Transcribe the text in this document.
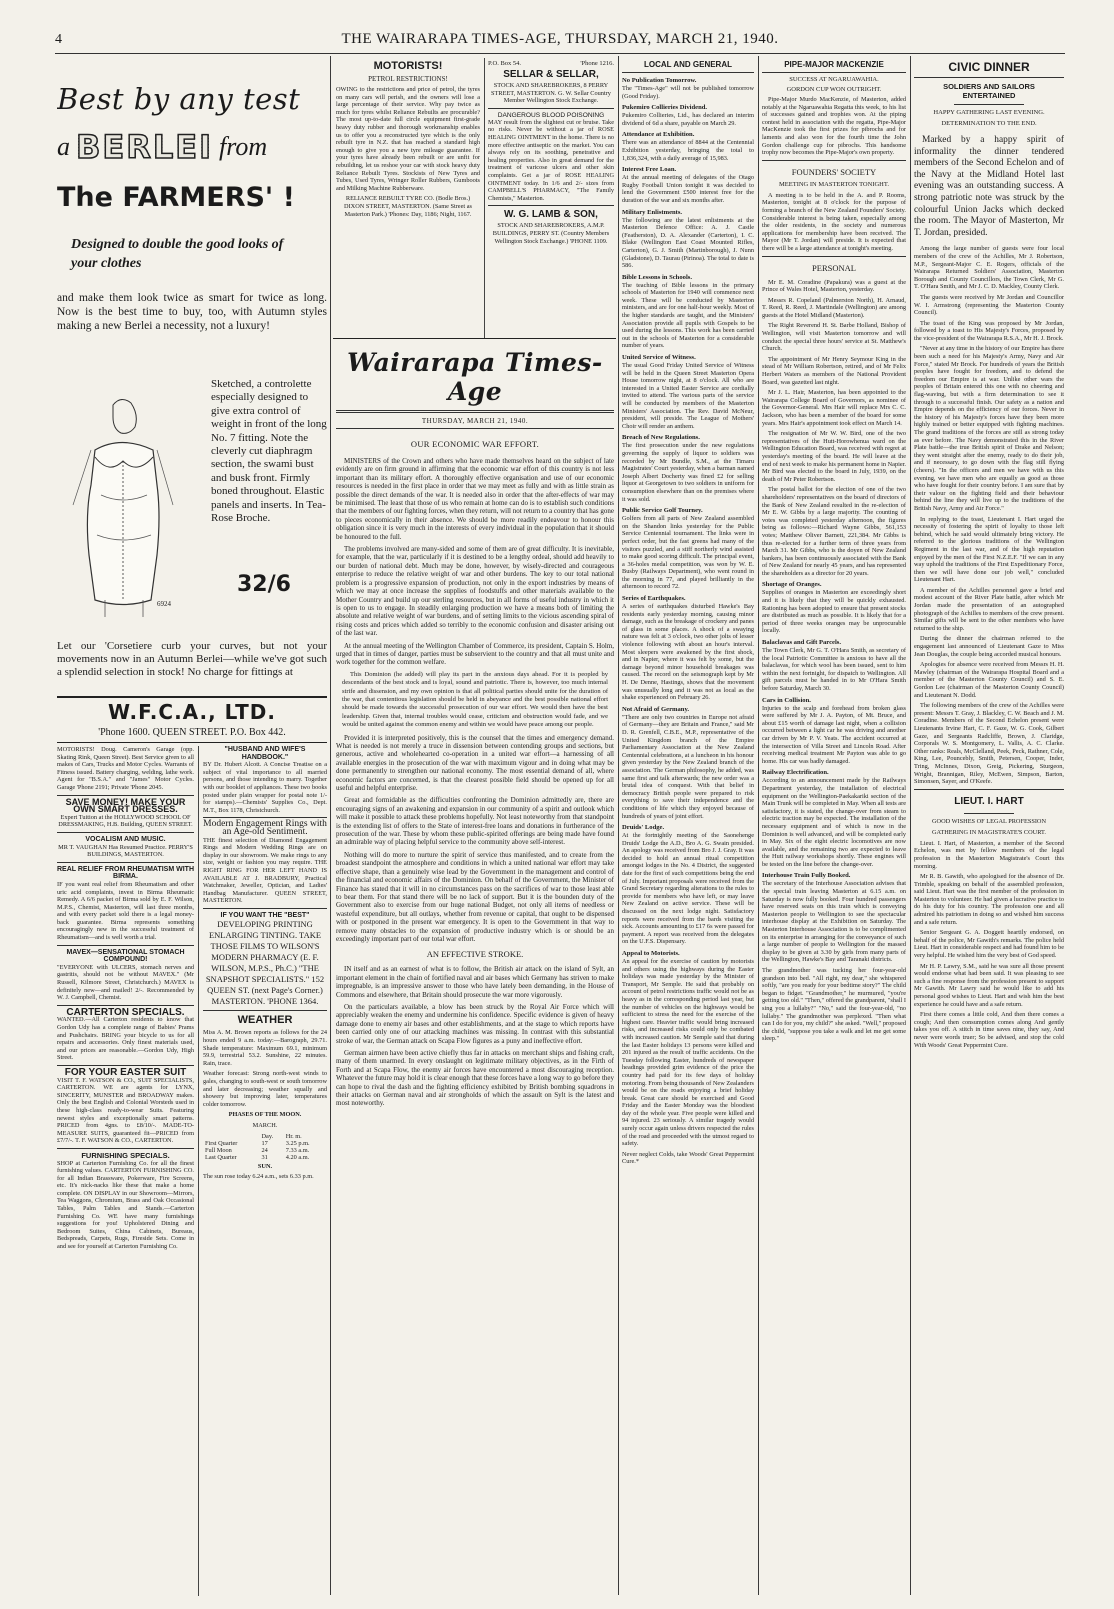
4	THE WAIRARAPA TIMES-AGE, THURSDAY, MARCH 21, 1940.
Best by any test
a BERLEI from
The FARMERS' !
Designed to double the good looks of your clothes
and make them look twice as smart for twice as long. Now is the best time to buy, too, with Autumn styles making a new Berlei a necessity, not a luxury!
6924
Sketched, a controlette especially designed to give extra control of weight in front of the long No. 7 fitting. Note the cleverly cut diaphragm section, the swami bust and busk front. Firmly boned throughout. Elastic panels and inserts. In Tea-Rose Broche.
32/6
Let our 'Corsetiere curb your curves, but not your movements now in an Autumn Berlei—while we've got such a splendid selection in stock! No charge for fittings at
W.F.C.A., LTD.
'Phone 1600. QUEEN STREET. P.O. Box 442.
MOTORISTS! Doug. Cameron's Garage (opp. Skating Rink, Queen Street). Best Service given to all makes of Cars, Trucks and Motor Cycles. Warrants of Fitness issued. Battery charging, welding, lathe work. Agent for "B.S.A." and "James" Motor Cycles. Garage 'Phone 2191; Private 'Phone 2045.
SAVE MONEY! MAKE YOUR OWN SMART DRESSES.
Expert Tuition at the HOLLYWOOD SCHOOL OF DRESSMAKING, H.B. Building, QUEEN STREET.
VOCALISM AND MUSIC.
MR T. VAUGHAN Has Resumed Practice. PERRY'S BUILDINGS, MASTERTON.
REAL RELIEF FROM RHEUMATISM WITH BIRMA.
IF you want real relief from Rheumatism and other uric acid complaints, invest in Birma Rheumatic Remedy. A 6/6 packet of Birma sold by E. F. Wilson, M.P.S., Chemist, Masterton, will last three months, and with every packet sold there is a legal money-back guarantee. Birma represents something encouragingly new in the successful treatment of Rheumatism—and is well worth a trial.
MAVEX—SENSATIONAL STOMACH COMPOUND!
"EVERYONE with ULCERS, stomach nerves and gastritis, should not be without MAVEX." (Mr Russell, Kilmore Street, Christchurch.) MAVEX is definitely new—and mailed! 2/-. Recommended by W. J. Campbell, Chemist.
CARTERTON SPECIALS.
WANTED.—All Carterton residents to know that Gordon Udy has a complete range of Babies' Prams and Pushchairs. BRING your bicycle to us for all repairs and accessories. Only finest materials used, and our prices are reasonable.—Gordon Udy, High Street.
FOR YOUR EASTER SUIT
VISIT T. F. WATSON & CO., SUIT SPECIALISTS, CARTERTON. WE are agents for LYNX, SINCERITY, MUNSTER and BROADWAY makes. Only the best English and Colonial Worsteds used in these high-class ready-to-wear Suits. Featuring newest styles and exceptionally smart patterns. PRICED from 4gns. to £8/10/-. MADE-TO-MEASURE SUITS, guaranteed fit—PRICED from £7/7/-. T. F. WATSON & CO., CARTERTON.
FURNISHING SPECIALS.
SHOP at Carterton Furnishing Co. for all the finest furnishing values. CARTERTON FURNISHING CO. for all Indian Brassware, Pokerware, Fire Screens, etc. It's nick-nacks like these that make a home complete. ON DISPLAY in our Showroom—Mirrors, Tea Waggons, Chromium, Brass and Oak Occasional Tables, Palm Tables and Stands.—Carterton Furnishing Co. WE have many furnishings suggestions for you! Upholstered Dining and Bedroom Suites, China Cabinets, Bureaus, Bedspreads, Carpets, Rugs, Fireside Sets. Come in and see for yourself at Carterton Furnishing Co.
"HUSBAND AND WIFE'S HANDBOOK."
BY Dr. Hubert Alcott. A Concise Treatise on a subject of vital importance to all married persons, and those intending to marry. Together with our booklet of appliances. These two books posted under plain wrapper for postal note 1/- for stamps).—Chemists' Supplies Co., Dept. M.T., Box 1178, Christchurch.
Modern Engagement Rings with an Age-old Sentiment.
THE finest selection of Diamond Engagement Rings and Modern Wedding Rings are on display in our showroom. We make rings to any size, weight or fashion you may require. THE RIGHT RING FOR HER LEFT HAND IS AVAILABLE AT J. BRADBURY, Practical Watchmaker, Jeweller, Optician, and Ladies' Handbag Manufacturer. QUEEN STREET, MASTERTON.
IF YOU WANT THE "BEST"
DEVELOPING PRINTING ENLARGING TINTING. TAKE THOSE FILMS TO WILSON'S MODERN PHARMACY (E. F. WILSON, M.P.S., Ph.C.) "THE SNAPSHOT SPECIALISTS." 152 QUEEN ST. (next Page's Corner.) MASTERTON. 'PHONE 1364.
WEATHER
Miss A. M. Brown reports as follows for the 24 hours ended 9 a.m. today:—Barograph, 29.71. Shade temperature: Maximum 69.1, minimum 59.9, terrestrial 53.2. Sunshine, 22 minutes. Rain, trace.
Weather forecast: Strong north-west winds to gales, changing to south-west or south tomorrow and later decreasing; weather squally and showery but improving later, temperatures colder tomorrow.
PHASES OF THE MOON.
MARCH.
	Day.	Hr. m.
First Quarter	17	3.25 p.m.
Full Moon	24	7.33 a.m.
Last Quarter	31	4.20 a.m.
SUN.
The sun rose today 6.24 a.m., sets 6.33 p.m.
MOTORISTS!
PETROL RESTRICTIONS!
OWING to the restrictions and price of petrol, the tyres on many cars will perish, and the owners will lose a large percentage of their service. Why pay twice as much for tyres whilst Reliance Rebuilts are procurable? The most up-to-date full circle equipment first-grade heavy duty rubber and thorough workmanship enables us to offer you a reconstructed tyre which is the only rebuilt tyre in N.Z. that has reached a standard high enough to give you a new tyre mileage guarantee. If your tyres have already been rebuilt or are unfit for rebuilding, let us reshoe your car with stock heavy duty Reliance Rebuilt Tyres. Stockists of New Tyres and Tubes, Used Tyres, Wringer Roller Rubbers, Gumboots and Milking Machine Rubberware.
RELIANCE REBUILT TYRE CO. (Bodle Bros.) DIXON STREET, MASTERTON. (Same Street as Masterton Park.) 'Phones: Day, 1186; Night, 1167.
P.O. Box 54.	'Phone 1216.
SELLAR & SELLAR,
STOCK AND SHAREBROKERS, 8 PERRY STREET, MASTERTON. G. W. Sellar Country Member Wellington Stock Exchange.
DANGEROUS BLOOD POISONING
MAY result from the slightest cut or bruise. Take no risks. Never be without a jar of ROSE HEALING OINTMENT in the home. There is no more effective antiseptic on the market. You can always rely on its soothing, penetrative and healing properties. Also in great demand for the treatment of varicose ulcers and other skin complaints. Get a jar of ROSE HEALING OINTMENT today. In 1/6 and 2/- sizes from CAMPBELL'S PHARMACY, "The Family Chemists," Masterton.
W. G. LAMB & SON,
STOCK AND SHAREBROKERS, A.M.P. BUILDINGS, PERRY ST. (Country Members Wellington Stock Exchange.) 'PHONE 1109.
Wairarapa Times-Age
THURSDAY, MARCH 21, 1940.
OUR ECONOMIC WAR EFFORT.

MINISTERS of the Crown and others who have made themselves heard on the subject of late evidently are on firm ground in affirming that the economic war effort of this country is not less important than its military effort. A thoroughly effective organisation and use of our economic resources is needed in the first place in order that we may meet as fully and with as little strain as possible the direct demands of the war. It is needed also in order that the after-effects of war may be minimised. The least that those of us who remain at home can do is to establish such conditions that the members of our fighting forces, when they return, will not return to a country that has gone to pieces economically in their absence. We should be more readily endeavour to honour this obligation since it is very much in the interests of every individual in the population that it should be honoured to the full.

The problems involved are many-sided and some of them are of great difficulty. It is inevitable, for example, that the war, particularly if it is destined to be a lengthy ordeal, should add heavily to our burden of national debt. Much may be done, however, by wisely-directed and courageous enterprise to reduce the relative weight of war and other burdens. The key to our total national problem is a progressive expansion of production, not only in the export industries by means of which we may at once increase the supplies of foodstuffs and other materials available to the Mother Country and build up our sterling resources, but in all forms of useful industry in which it is open to us to engage. In steadily enlarging production we have a means both of limiting the absolute and relative weight of war burdens, and of setting limits to the vicious ascending spiral of rising costs and prices which added so terribly to the economic confusion and disaster arising out of the last war.

At the annual meeting of the Wellington Chamber of Commerce, its president, Captain S. Holm, urged that in times of danger, parties must be subservient to the country and that all must unite and work together for the common welfare.

This Dominion (he added) will play its part in the anxious days ahead. For it is peopled by descendants of the best stock and is loyal, sound and patriotic. There is, however, too much internal strife and dissension, and my own opinion is that all political parties should unite for the duration of the war, that contentious legislation should be held in abeyance and the best possible national effort should be made towards the successful prosecution of our war effort. We would then have the best leadership. Given that, internal troubles would cease, criticism and obstruction would fade, and we would be united against the common enemy and within we would have peace among our people.

Provided it is interpreted positively, this is the counsel that the times and emergency demand. What is needed is not merely a truce in dissension between contending groups and sections, but generous, active and wholehearted co-operation in a united war effort—a harnessing of all available energies in the prosecution of the war with maximum vigour and in doing what may be done permanently to strengthen our national economy. The most essential demand of all, where economic factors are concerned, is that the clearest possible field should be opened up for all useful and helpful enterprise.

Great and formidable as the difficulties confronting the Dominion admittedly are, there are encouraging signs of an awakening and expansion in our community of a spirit and outlook which will make it possible to attack these problems hopefully. Not least noteworthy from that standpoint is the extending list of offers to the State of interest-free loans and donations in furtherance of the prosecution of the war. These by whom these public-spirited offerings are being made have found an admirable way of placing helpful service to the community above self-interest.

Nothing will do more to nurture the spirit of service thus manifested, and to create from the broadest standpoint the atmosphere and conditions in which a united national war effort may take effective shape, than a genuinely wise lead by the Government in the management and control of the financial and economic affairs of the Dominion. On behalf of the Government, the Minister of Finance has stated that it will in no circumstances pass on the sacrifices of war to those least able to bear them. For that stand there will be no lack of support. But it is the bounden duty of the Government also to exercise from our huge national Budget, not only all items of needless or wasteful expenditure, but all outlays, whether from revenue or capital, that ought to be dispensed with or postponed in the present war emergency. It is open to the Government in that way to remove many obstacles to the expansion of productive industry which is or should be an exceedingly important part of our total war effort.

AN EFFECTIVE STROKE.

IN itself and as an earnest of what is to follow, the British air attack on the island of Sylt, an important element in the chain of fortified naval and air bases which Germany has striven to make impregnable, is an impressive answer to those who have lately been demanding, in the House of Commons and elsewhere, that Britain should prosecute the war more vigorously.

On the particulars available, a blow has been struck by the Royal Air Force which will appreciably weaken the enemy and undermine his confidence. Specific evidence is given of heavy damage done to enemy air bases and other establishments, and at the stage to which reports have been carried only one of our attacking machines was missing. In contrast with this substantial stroke of war, the German attack on Scapa Flow figures as a puny and ineffective effort.

German airmen have been active chiefly thus far in attacks on merchant ships and fishing craft, many of them unarmed. In every onslaught on legitimate military objectives, as in the Firth of Forth and at Scapa Flow, the enemy air forces have encountered a most discouraging reception. Whatever the future may hold it is clear enough that these forces have a long way to go before they can hope to rival the dash and the fighting efficiency exhibited by British bombing squadrons in their attacks on German naval and air strongholds of which the assault on Sylt is the latest and most noteworthy.

LOCAL AND GENERAL
No Publication Tomorrow.
The "Times-Age" will not be published tomorrow (Good Friday).
Pukemiro Collieries Dividend.
Pukemiro Collieries, Ltd., has declared an interim dividend of 6d a share, payable on March 29.
Attendance at Exhibition.
There was an attendance of 8844 at the Centennial Exhibition yesterday, bringing the total to 1,836,324, with a daily average of 15,983.
Interest Free Loan.
At the annual meeting of delegates of the Otago Rugby Football Union tonight it was decided to lend the Government £500 interest free for the duration of the war and six months after.
Military Enlistments.
The following are the latest enlistments at the Masterton Defence Office: A. J. Castle (Featherston), D. A. Alexander (Carterton), I. C. Blake (Wellington East Coast Mounted Rifles, Carterton), G. J. Smith (Martinborough), J. Nunn (Gladstone), D. Taurau (Pirinoa). The total to date is 586.
Bible Lessons in Schools.
The teaching of Bible lessons in the primary schools of Masterton for 1940 will commence next week. These will be conducted by Masterton ministers, and are for one half-hour weekly. Most of the higher standards are taught, and the Ministers' Association provide all pupils with Gospels to be used during the lessons. This work has been carried out in the schools of Masterton for a considerable number of years.
United Service of Witness.
The usual Good Friday United Service of Witness will be held in the Queen Street Masterton Opera House tomorrow night, at 8 o'clock. All who are interested in a United Easter Service are cordially invited to attend. The various parts of the service will be conducted by members of the Masterton Ministers' Association. The Rev. David McNeur, president, will preside. The League of Mothers' Choir will render an anthem.
Breach of New Regulations.
The first prosecution under the new regulations governing the supply of liquor to soldiers was recorded by Mr Bundle, S.M., at the Timaru Magistrates' Court yesterday, when a barman named Joseph Albert Docherty was fined £2 for selling liquor at Georgetown to two soldiers in uniform for consumption elsewhere than on the premises where it was sold.
Public Service Golf Tourney.
Golfers from all parts of New Zealand assembled on the Shandon links yesterday for the Public Service Centennial tournament. The links were in perfect order, but the fast greens had many of the visitors puzzled, and a stiff northerly wind assisted to make good scoring difficult. The principal event, a 36-holes medal competition, was won by W. E. Busby (Railways Department), who went round in the morning in 77, and played brilliantly in the afternoon to record 72.
Series of Earthquakes.
A series of earthquakes disturbed Hawke's Bay residents early yesterday morning, causing minor damage, such as the breakage of crockery and panes of glass in some places. A shock of a swaying nature was felt at 3 o'clock, two other jolts of lesser violence following with about an hour's interval. Most sleepers were awakened by the first shock, and in Napier, where it was felt by some, but the damage beyond minor household breakages was caused. The record on the seismograph kept by Mr H. De Denne, Hastings, shows that the movement was unusually long and it was not as local as the shake experienced on February 26.
Not Afraid of Germany.
"There are only two countries in Europe not afraid of Germany—they are Britain and France," said Mr D. R. Grenfell, C.B.E., M.P., representative of the United Kingdom branch of the Empire Parliamentary Association at the New Zealand Centennial celebrations, at a luncheon in his honour given yesterday by the New Zealand branch of the association. The German philosophy, he added, was same first and talk afterwards; the new order was a brutal idea of conquest. With that belief in democracy British people were prepared to risk everything to save their independence and the conditions of life which they enjoyed because of hundreds of years of joint effort.
Druids' Lodge.
At the fortnightly meeting of the Saonehenge Druids' Lodge the A.D., Bro A. G. Swain presided. An apology was received from Bro J. J. Gray. It was decided to hold an annual ritual competition amongst lodges in the No. 4 District, the suggested date for the first of such competitions being the end of July. Important proposals were received from the Grand Secretary regarding alterations to the rules to provide for members who have left, or may leave New Zealand on active service. These will be discussed on the next lodge night. Satisfactory reports were received from the bards visiting the sick. Accounts amounting to £17 6s were passed for payment. A report was received from the delegates on the U.F.S. Dispensary.
Appeal to Motorists.
An appeal for the exercise of caution by motorists and others using the highways during the Easter holidays was made yesterday by the Minister of Transport, Mr Semple. He said that probably on account of petrol restrictions traffic would not be as heavy as in the corresponding period last year, but the number of vehicles on the highways would be sufficient to stress the need for the exercise of the highest care. Heavier traffic would bring increased risks, and increased risks could only be combated with increased caution. Mr Semple said that during the last Easter holidays 13 persons were killed and 201 injured as the result of traffic accidents. On the Tuesday following Easter, hundreds of newspaper headings provided grim evidence of the price the country had paid for its few days of holiday motoring. From being thousands of New Zealanders would be on the roads enjoying a brief holiday break. Great care should be exercised and Good Friday and the Easter Monday was the bloodiest day of the whole year. Five people were killed and 94 injured. 23 seriously. A similar tragedy would surely occur again unless drivers respected the rules of the road and proceeded with the utmost regard to safety.
Never neglect Colds, take Woods' Great Peppermint Cure.*
PIPE-MAJOR MACKENZIE
SUCCESS AT NGARUAWAHIA.
GORDON CUP WON OUTRIGHT.
Pipe-Major Murdo MacKenzie, of Masterton, added notably at the Ngaruawahia Regatta this week, to his list of successes gained and trophies won. At the piping contest held in association with the regatta, Pipe-Major MacKenzie took the first prizes for pibrochs and for laments and also won for the fourth time the John Gordon challenge cup for pibrochs. This handsome trophy now becomes the Pipe-Major's own property.
FOUNDERS' SOCIETY
MEETING IN MASTERTON TONIGHT.
A meeting is to be held in the A. and P. Rooms, Masterton, tonight at 8 o'clock for the purpose of forming a branch of the New Zealand Founders' Society. Considerable interest is being taken, especially among the older residents, in the society and numerous applications for membership have been received. The Mayor (Mr T. Jordan) will preside. It is expected that there will be a large attendance at tonight's meeting.
PERSONAL

Mr E. M. Coradine (Papakura) was a guest at the Prince of Wales Hotel, Masterton, yesterday.

Messrs R. Copeland (Palmerston North), H. Arnaud, T. Reed, R. Reed, J. Martindale (Wellington) are among guests at the Hotel Midland (Masterton).

The Right Reverend H. St. Barbe Holland, Bishop of Wellington, will visit Masterton tomorrow and will conduct the special three hours' service at St. Matthew's Church.

The appointment of Mr Henry Seymour King in the stead of Mr William Robertson, retired, and of Mr Felix Herbert Waters as members of the National Provident Board, was gazetted last night.

Mr J. L. Hair, Masterton, has been appointed to the Wairarapa College Board of Governors, as nominee of the Governor-General. Mrs Hair will replace Mrs C. C. Jackson, who has been a member of the board for some years. Mrs Hair's appointment took effect on March 14.

The resignation of Mr W. W. Bird, one of the two representatives of the Hutt-Horowhenua ward on the Wellington Education Board, was received with regret at yesterday's meeting of the board. He will leave at the end of next week to make his permanent home in Napier. Mr Bird was elected to the board in July, 1939, on the death of Mr Peter Robertson.

The postal ballot for the election of one of the two shareholders' representatives on the board of directors of the Bank of New Zealand resulted in the re-election of Mr E. W. Gibbs by a large majority. The counting of votes was completed yesterday afternoon, the figures being as follows:—Richard Wayne Gibbs, 561,153 votes; Matthew Oliver Barnett, 221,384. Mr Gibbs is thus re-elected for a further term of three years from March 31. Mr Gibbs, who is the doyen of New Zealand bankers, has been continuously associated with the Bank of New Zealand for nearly 45 years, and has represented the shareholders as a director for 20 years.

Shortage of Oranges.
Supplies of oranges in Masterton are exceedingly short and it is likely that they will be quickly exhausted. Rationing has been adopted to ensure that present stocks are distributed as much as possible. It is likely that for a period of three weeks oranges may be unprocurable locally.
Balaclavas and Gift Parcels.
The Town Clerk, Mr G. T. O'Hara Smith, as secretary of the local Patriotic Committee is anxious to have all the balaclavas, for which wool has been issued, sent to him within the next fortnight, for dispatch to Wellington. All gift parcels must be handed in to Mr O'Hara Smith before Saturday, March 30.
Cars in Collision.
Injuries to the scalp and forehead from broken glass were suffered by Mr J. A. Payton, of Mt. Bruce, and about £15 worth of damage last night, when a collision occurred between a light car he was driving and another car driven by Mr P. V. Yeats. The accident occurred at the intersection of Villa Street and Lincoln Road. After receiving medical treatment Mr Payton was able to go home. His car was badly damaged.
Railway Electrification.
According to an announcement made by the Railways Department yesterday, the installation of electrical equipment on the Wellington-Paekakariki section of the Main Trunk will be completed in May. When all tests are satisfactory, it is stated, the change-over from steam to electric traction may be expected. The installation of the necessary equipment and of which is now in the Dominion is well advanced, and will be completed early in May. Six of the eight electric locomotives are now available, and the remaining two are expected to leave the Hutt railway workshops shortly. These engines will be tested on the line before the change-over.
Interhouse Train Fully Booked.
The secretary of the Interhouse Association advises that the special train leaving Masterton at 6.15 a.m. on Saturday is now fully booked. Four hundred passengers have reserved seats on this train which is conveying Masterton people to Wellington to see the spectacular interhouse display at the Exhibition on Saturday. The Masterton Interhouse Association is to be complimented on its enterprise in arranging for the conveyance of such a large number of people to Wellington for the massed display to be given at 3.30 by girls from many parts of the Wellington, Hawke's Bay and Taranaki districts.
The grandmother was tucking her four-year-old grandson into bed. "All right, my dear," she whispered softly, "are you ready for your bedtime story?" The child began to fidget. "Grandmother," he murmured, "you're getting too old." "Then," offered the grandparent, "shall I sing you a lullaby?" "No," said the four-year-old, "no lullaby." The grandmother was perplexed. "Then what can I do for you, my child?" she asked. "Well," proposed the child, "suppose you take a walk and let me get some sleep."
CIVIC DINNER
SOLDIERS AND SAILORS ENTERTAINED
HAPPY GATHERING LAST EVENING.
DETERMINATION TO THE END.
Marked by a happy spirit of informality the dinner tendered members of the Second Echelon and of the Navy at the Midland Hotel last evening was an outstanding success. A strong patriotic note was struck by the colourful Union Jacks which decked the room. The Mayor of Masterton, Mr T. Jordan, presided.

Among the large number of guests were four local members of the crew of the Achilles, Mr J. Robertson, M.P., Sergeant-Major C. E. Rogers, officials of the Wairarapa Returned Soldiers' Association, Masterton Borough and County Councillors, the Town Clerk, Mr G. T. O'Hara Smith, and Mr J. C. D. Mackley, County Clerk.

The guests were received by Mr Jordan and Councillor W. I. Armstrong (representing the Masterton County Council).

The toast of the King was proposed by Mr Jordan, followed by a toast to His Majesty's Forces, proposed by the vice-president of the Wairarapa R.S.A., Mr H. J. Brock.

"Never at any time in the history of our Empire has there been such a need for his Majesty's Army, Navy and Air Force," stated Mr Brock. For hundreds of years the British peoples have fought for freedom, and to defend the freedom our Empire is at war. Unlike other wars the peoples of Britain entered this one with no cheering and flag-waving, but with a firm determination to see it through to a successful finish. Our safety as a nation and Empire depends on the efficiency of our forces. Never in the history of his Majesty's forces have they been more highly trained or better equipped with fighting machines. The grand traditions of the forces are still as strong today as ever before. The Navy demonstrated this in the River Plate battle—the true British spirit of Drake and Nelson; they went straight after the enemy, ready to do their job, and if necessary, to go down with the flag still flying (cheers). "In the officers and men we have with us this evening, we have men who are equally as good as those who have fought for their country before. I am sure that by their valour on the fighting field and their behaviour behind the line they will live up to the traditions of the British Navy, Army and Air Force."

In replying to the toast, Lieutenant I. Hart urged the necessity of fostering the spirit of loyalty to those left behind, which he said would ultimately bring victory. He referred to the glorious traditions of the Wellington Regiment in the last war, and of the high reputation enjoyed by the men of the First N.Z.E.F. "If we can in any way uphold the traditions of the First Expeditionary Force, then we will have done our job well," concluded Lieutenant Hart.

A member of the Achilles personnel gave a brief and modest account of the River Plate battle, after which Mr Jordan made the presentation of an autographed photograph of the Achilles to members of the crew present. Similar gifts will be sent to the other members who have returned to the ship.

During the dinner the chairman referred to the engagement last announced of Lieutenant Gaze to Miss Jean Douglas, the couple being accorded musical honours.

Apologies for absence were received from Messrs H. H. Mawley (chairman of the Wairarapa Hospital Board and a member of the Masterton County Council) and S. E. Gordon Lee (chairman of the Masterton County Council) and Lieutenant N. Dodd.

The following members of the crew of the Achilles were present: Messrs T. Gray, J. Blackley, C. W. Beach and J. M. Coradine. Members of the Second Echelon present were Lieutenants Irvine Hart, C. F. Gaze, W. G. Cook, Gilbert Gaze, and Sergeants Radcliffe, Brown, J. Claridge, Corporals W. S. Montgomery, L. Vallis, A. C. Clarke. Other ranks: Reals, McClelland, Peek, Peck, Rathner, Cole, King, Lee, Pouncebly, Smith, Petersen, Cooper, Inder, Tring, McInnes, Dixon, Greig, Pickering, Sturgeon, Wright, Brannigan, Riley, McEwen, Simpson, Barton, Simonsen, Sayer, and O'Keefe.

LIEUT. I. HART
GOOD WISHES OF LEGAL PROFESSION
GATHERING IN MAGISTRATE'S COURT.

Lieut. I. Hart, of Masterton, a member of the Second Echelon, was met by fellow members of the legal profession in the Masterton Magistrate's Court this morning.

Mr R. B. Gawith, who apologised for the absence of Dr. Trimble, speaking on behalf of the assembled profession, said Lieut. Hart was the first member of the profession in Masterton to volunteer. He had given a lucrative practice to do his duty for his country. The profession one and all admired his patriotism in doing so and wished him success and a safe return.

Senior Sergeant G. A. Doggett heartily endorsed, on behalf of the police, Mr Gawith's remarks. The police held Lieut. Hart in considerable respect and had found him to be very helpful. He wished him the very best of God speed.

Mr H. P. Lawry, S.M., said he was sure all those present would endorse what had been said. It was pleasing to see such a fine response from the profession present to support Mr Gawith. Mr Lawry said he would like to add his personal good wishes to Lieut. Hart and wish him the best experience he could have and a safe return.

First there comes a little cold, And then there comes a cough; And then consumption comes along And gently takes you off. A stitch in time saves nine, they say, And never were words truer; So be advised, and stop the cold With Woods' Great Peppermint Cure.
